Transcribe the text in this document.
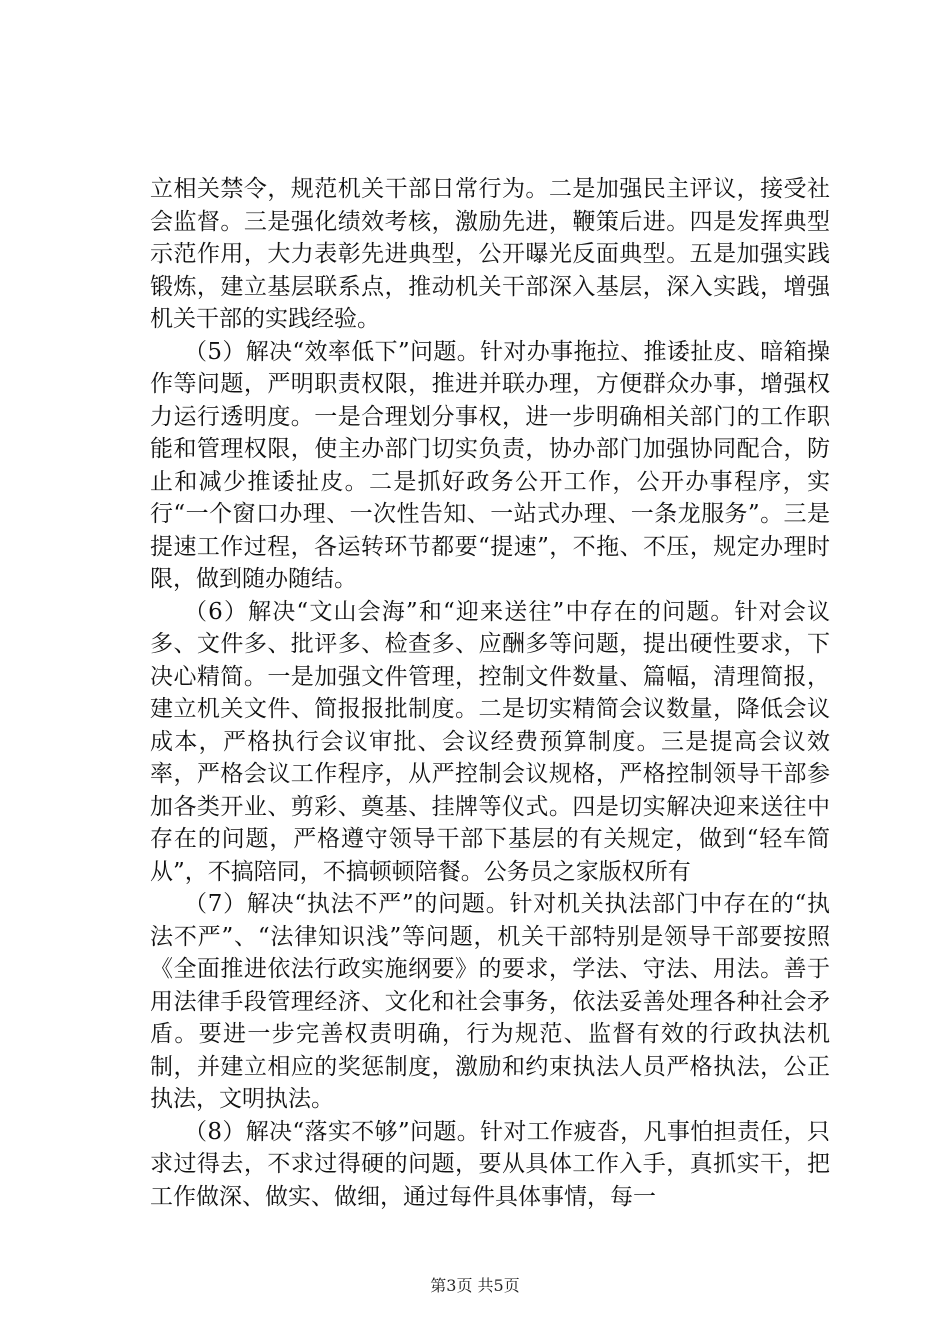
立相关禁令，规范机关干部日常行为。二是加强民主评议，接受社会监督。三是强化绩效考核，激励先进，鞭策后进。四是发挥典型示范作用，大力表彰先进典型，公开曝光反面典型。五是加强实践锻炼，建立基层联系点，推动机关干部深入基层，深入实践，增强机关干部的实践经验。

（5）解决“效率低下”问题。针对办事拖拉、推诿扯皮、暗箱操作等问题，严明职责权限，推进并联办理，方便群众办事，增强权力运行透明度。一是合理划分事权，进一步明确相关部门的工作职能和管理权限，使主办部门切实负责，协办部门加强协同配合，防止和减少推诿扯皮。二是抓好政务公开工作，公开办事程序，实行“一个窗口办理、一次性告知、一站式办理、一条龙服务”。三是提速工作过程，各运转环节都要“提速”，不拖、不压，规定办理时限，做到随办随结。

（6）解决“文山会海”和“迎来送往”中存在的问题。针对会议多、文件多、批评多、检查多、应酬多等问题，提出硬性要求，下决心精简。一是加强文件管理，控制文件数量、篇幅，清理简报，建立机关文件、简报报批制度。二是切实精简会议数量，降低会议成本，严格执行会议审批、会议经费预算制度。三是提高会议效率，严格会议工作程序，从严控制会议规格，严格控制领导干部参加各类开业、剪彩、奠基、挂牌等仪式。四是切实解决迎来送往中存在的问题，严格遵守领导干部下基层的有关规定，做到“轻车简从”，不搞陪同，不搞顿顿陪餐。公务员之家版权所有

（7）解决“执法不严”的问题。针对机关执法部门中存在的“执法不严”、“法律知识浅”等问题，机关干部特别是领导干部要按照《全面推进依法行政实施纲要》的要求，学法、守法、用法。善于用法律手段管理经济、文化和社会事务，依法妥善处理各种社会矛盾。要进一步完善权责明确，行为规范、监督有效的行政执法机制，并建立相应的奖惩制度，激励和约束执法人员严格执法，公正执法，文明执法。

（8）解决“落实不够”问题。针对工作疲沓，凡事怕担责任，只求过得去，不求过得硬的问题，要从具体工作入手，真抓实干，把工作做深、做实、做细，通过每件具体事情，每一

第3页 共5页
